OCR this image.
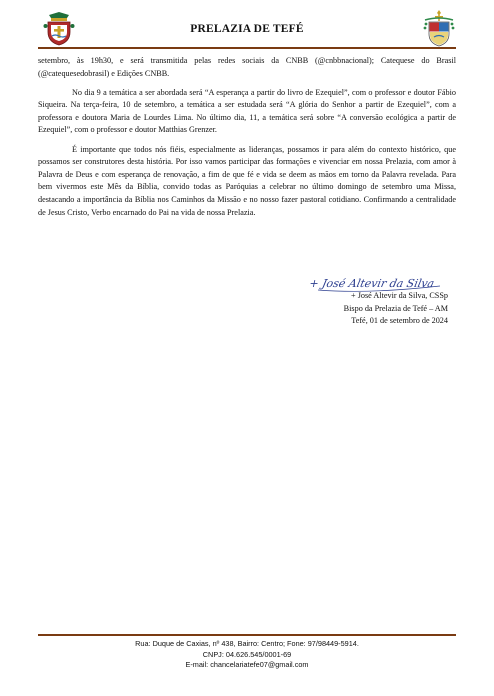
PRELAZIA DE TEFÉ

setembro, às 19h30, e será transmitida pelas redes sociais da CNBB (@cnbbnacional); Catequese do Brasil (@catequesedobrasil) e Edições CNBB.

No dia 9 a temática a ser abordada será “A esperança a partir do livro de Ezequiel”, com o professor e doutor Fábio Siqueira. Na terça-feira, 10 de setembro, a temática a ser estudada será “A glória do Senhor a partir de Ezequiel”, com a professora e doutora Maria de Lourdes Lima. No último dia, 11, a temática será sobre “A conversão ecológica a partir de Ezequiel”, com o professor e doutor Matthias Grenzer.

É importante que todos nós fiéis, especialmente as lideranças, possamos ir para além do contexto histórico, que possamos ser construtores desta história. Por isso vamos participar das formações e vivenciar em nossa Prelazia, com amor à Palavra de Deus e com esperança de renovação, a fim de que fé e vida se deem as mãos em torno da Palavra revelada. Para bem vivermos este Mês da Bíblia, convido todas as Paróquias a celebrar no último domingo de setembro uma Missa, destacando a importância da Bíblia nos Caminhos da Missão e no nosso fazer pastoral cotidiano. Confirmando a centralidade de Jesus Cristo, Verbo encarnado do Pai na vida de nossa Prelazia.

+ José Altevir da Silva
+ José Altevir da Silva, CSSp
Bispo da Prelazia de Tefé – AM
Tefé, 01 de setembro de 2024
Rua: Duque de Caxias, nº 438, Bairro: Centro; Fone: 97/98449-5914.
CNPJ: 04.626.545/0001-69
E-mail: chancelariatefe07@gmail.com
